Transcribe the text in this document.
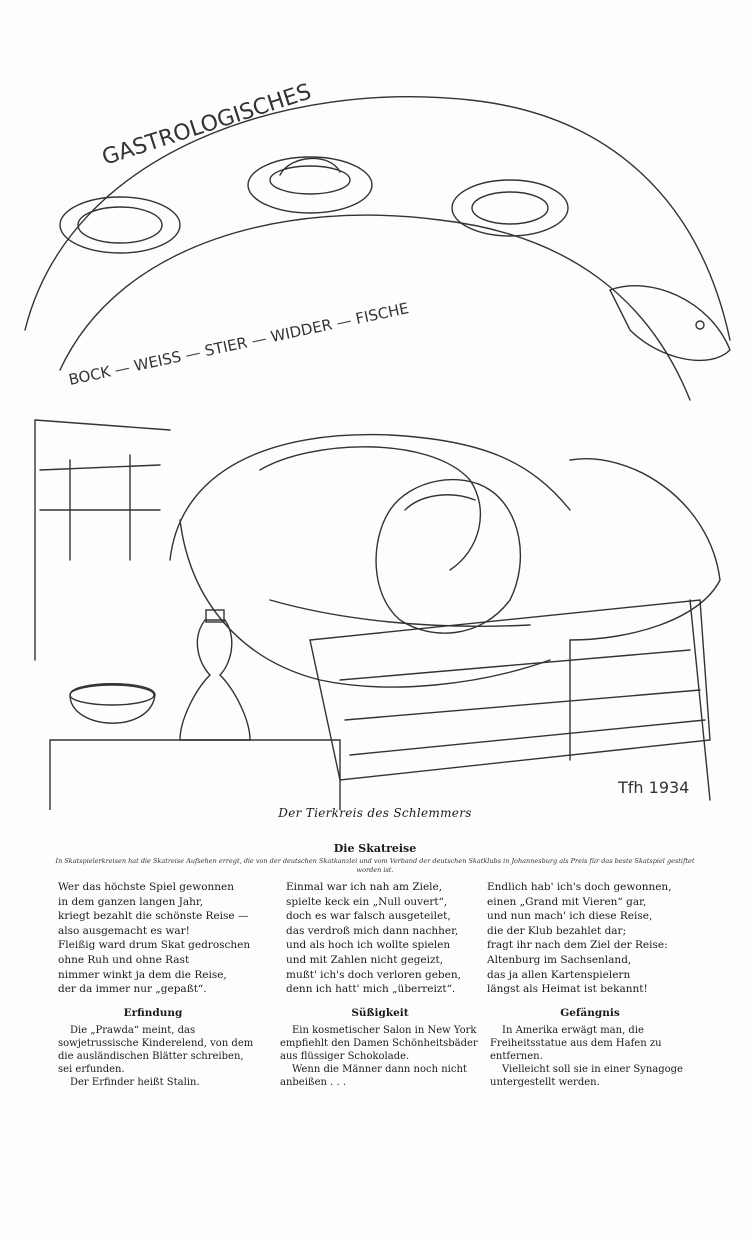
GASTROLOGISCHES
BOCK — WEISS — STIER — WIDDER — FISCHE
Tfh 1934
Der Tierkreis des Schlemmers
Die Skatreise
In Skatspielerkreisen hat die Skatreise Aufsehen erregt, die von der deutschen Skatkanzlei und vom Verband der deutschen Skatklubs in Johannesburg als Preis für das beste Skatspiel gestiftet worden ist.
Wer das höchste Spiel gewonnen
in dem ganzen langen Jahr,
kriegt bezahlt die schönste Reise —
also ausgemacht es war!
Fleißig ward drum Skat gedroschen
ohne Ruh und ohne Rast
nimmer winkt ja dem die Reise,
der da immer nur „gepaßt“.
Einmal war ich nah am Ziele,
spielte keck ein „Null ouvert“,
doch es war falsch ausgeteilet,
das verdroß mich dann nachher,
und als hoch ich wollte spielen
und mit Zahlen nicht gegeizt,
mußt' ich's doch verloren geben,
denn ich hatt' mich „überreizt“.
Endlich hab' ich's doch gewonnen,
einen „Grand mit Vieren“ gar,
und nun mach' ich diese Reise,
die der Klub bezahlet dar;
fragt ihr nach dem Ziel der Reise:
Altenburg im Sachsenland,
das ja allen Kartenspielern
längst als Heimat ist bekannt!
Erfindung

Die „Prawda“ meint, das sowjetrussische Kinderelend, von dem die ausländischen Blätter schreiben, sei erfunden.

Der Erfinder heißt Stalin.

Süßigkeit

Ein kosmetischer Salon in New York empfiehlt den Damen Schönheitsbäder aus flüssiger Schokolade.

Wenn die Männer dann noch nicht anbeißen . . .

Gefängnis

In Amerika erwägt man, die Freiheitsstatue aus dem Hafen zu entfernen.

Vielleicht soll sie in einer Synagoge untergestellt werden.
